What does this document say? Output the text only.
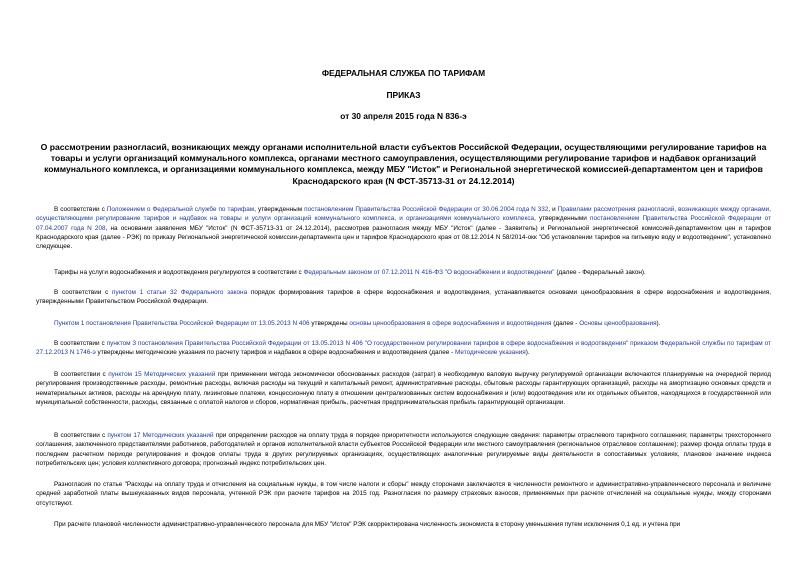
ФЕДЕРАЛЬНАЯ СЛУЖБА ПО ТАРИФАМ
ПРИКАЗ
от 30 апреля 2015 года N 836-э

О рассмотрении разногласий, возникающих между органами исполнительной власти субъектов Российской Федерации, осуществляющими регулирование тарифов на товары и услуги организаций коммунального комплекса, органами местного самоуправления, осуществляющими регулирование тарифов и надбавок организаций коммунального комплекса, и организациями коммунального комплекса, между МБУ "Исток" и Региональной энергетической комиссией-департаментом цен и тарифов Краснодарского края (N ФСТ-35713-31 от 24.12.2014)

В соответствии с Положением о Федеральной службе по тарифам, утвержденным постановлением Правительства Российской Федерации от 30.06.2004 года N 332, и Правилами рассмотрения разногласий, возникающих между органами, осуществляющими регулирование тарифов и надбавок на товары и услуги организаций коммунального комплекса, и организациями коммунального комплекса, утвержденными постановлением Правительства Российской Федерации от 07.04.2007 года N 208, на основании заявления МБУ "Исток" (N ФСТ-35713-31 от 24.12.2014), рассмотрев разногласия между МБУ "Исток" (далее - Заявитель) и Региональной энергетической комиссией-департаментом цен и тарифов Краснодарского края (далее - РЭК) по приказу Региональной энергетической комиссии-департамента цен и тарифов Краснодарского края от 08.12.2014 N 58/2014-окк "Об установлении тарифов на питьевую воду и водоотведение", установлено следующее.

Тарифы на услуги водоснабжения и водоотведения регулируются в соответствии с Федеральным законом от 07.12.2011 N 416-ФЗ "О водоснабжении и водоотведении" (далее - Федеральный закон).

В соответствии с пунктом 1 статьи 32 Федерального закона порядок формирования тарифов в сфере водоснабжения и водоотведения, устанавливается основами ценообразования в сфере водоснабжения и водоотведения, утвержденными Правительством Российской Федерации.

Пунктом 1 постановления Правительства Российской Федерации от 13.05.2013 N 406 утверждены основы ценообразования в сфере водоснабжения и водоотведения (далее - Основы ценообразования).

В соответствии с пунктом 3 постановления Правительства Российской Федерации от 13.05.2013 N 406 "О государственном регулировании тарифов в сфере водоснабжения и водоотведения" приказом Федеральной службы по тарифам от 27.12.2013 N 1746-э утверждены методические указания по расчету тарифов и надбавок в сфере водоснабжения и водоотведения (далее - Методические указания).

В соответствии с пунктом 15 Методических указаний при применении метода экономически обоснованных расходов (затрат) в необходимую валовую выручку регулируемой организации включаются планируемые на очередной период регулирования производственные расходы, ремонтные расходы, включая расходы на текущий и капитальный ремонт, административные расходы, сбытовые расходы гарантирующих организаций, расходы на амортизацию основных средств и нематериальных активов, расходы на арендную плату, лизинговые платежи, концессионную плату в отношении централизованных систем водоснабжения и (или) водоотведения или их отдельных объектов, находящихся в государственной или муниципальной собственности, расходы, связанные с оплатой налогов и сборов, нормативная прибыль, расчетная предпринимательская прибыль гарантирующей организации.

В соответствии с пунктом 17 Методических указаний при определении расходов на оплату труда в порядке приоритетности используются следующие сведения: параметры отраслевого тарифного соглашения; параметры трехстороннего соглашения, заключенного представителями работников, работодателей и органов исполнительной власти субъектов Российской Федерации или местного самоуправления (региональное отраслевое соглашение); размер фонда оплаты труда в последнем расчетном периоде регулирования и фондов оплаты труда в других регулируемых организациях, осуществляющих аналогичные регулируемые виды деятельности в сопоставимых условиях, плановое значение индекса потребительских цен; условия коллективного договора; прогнозный индекс потребительских цен.

Разногласия по статье "Расходы на оплату труда и отчисления на социальные нужды, в том числе налоги и сборы" между сторонами заключаются в численности ремонтного и административно-управленческого персонала и величине средней заработной платы вышеуказанных видов персонала, учтенной РЭК при расчете тарифов на 2015 год. Разногласия по размеру страховых взносов, применяемых при расчете отчислений на социальные нужды, между сторонами отсутствуют.

При расчете плановой численности административно-управленческого персонала для МБУ "Исток" РЭК скорректирована численность экономиста в сторону уменьшения путем исключения 0,1 ед. и учтена при
